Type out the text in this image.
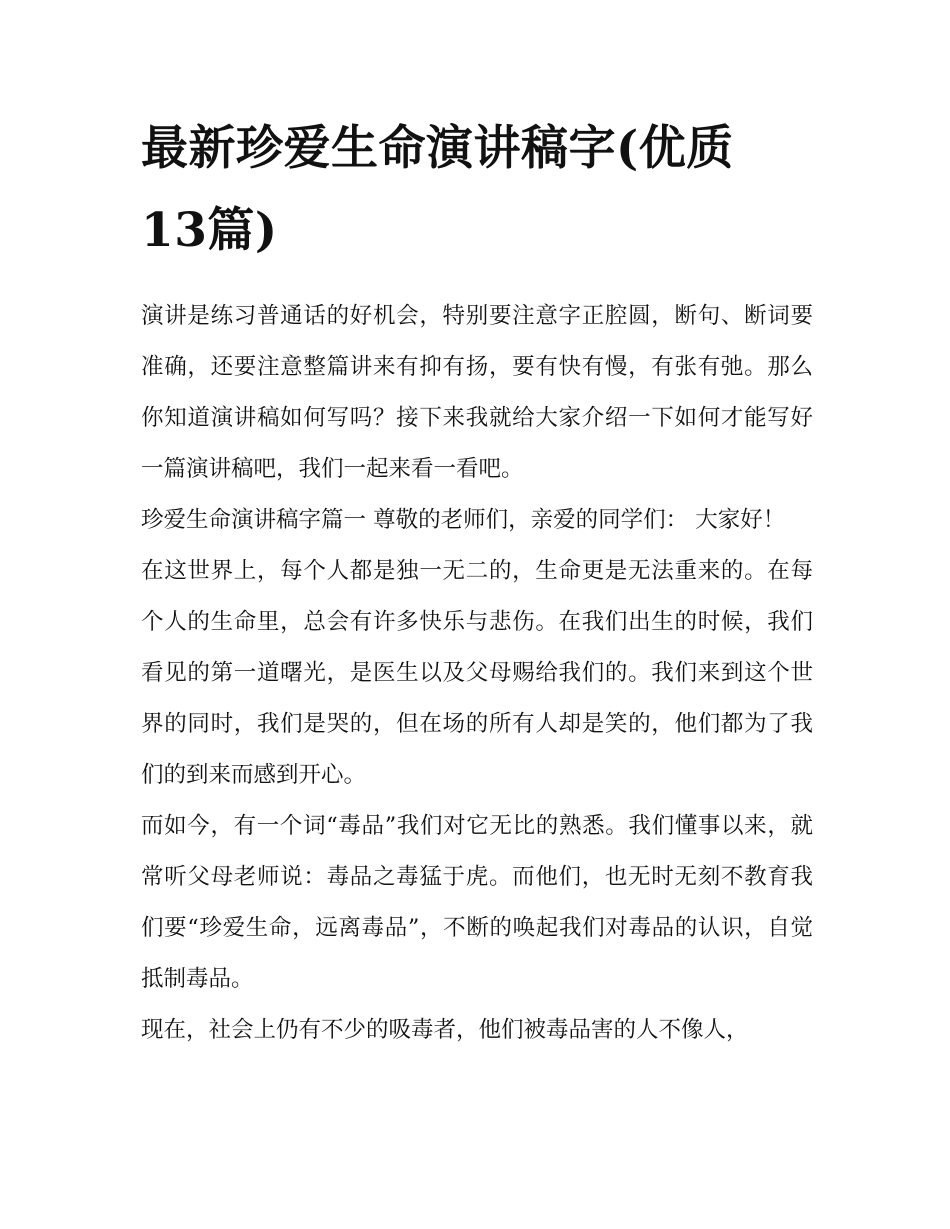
最新珍爱生命演讲稿字(优质 13篇)

演讲是练习普通话的好机会，特别要注意字正腔圆，断句、断词要准确，还要注意整篇讲来有抑有扬，要有快有慢，有张有弛。那么你知道演讲稿如何写吗？接下来我就给大家介绍一下如何才能写好一篇演讲稿吧，我们一起来看一看吧。

珍爱生命演讲稿字篇一 尊敬的老师们，亲爱的同学们： 大家好！

在这世界上，每个人都是独一无二的，生命更是无法重来的。在每个人的生命里，总会有许多快乐与悲伤。在我们出生的时候，我们看见的第一道曙光，是医生以及父母赐给我们的。我们来到这个世界的同时，我们是哭的，但在场的所有人却是笑的，他们都为了我们的到来而感到开心。

而如今，有一个词“毒品”我们对它无比的熟悉。我们懂事以来，就常听父母老师说：毒品之毒猛于虎。而他们，也无时无刻不教育我们要“珍爱生命，远离毒品”，不断的唤起我们对毒品的认识，自觉抵制毒品。

现在，社会上仍有不少的吸毒者，他们被毒品害的人不像人，
